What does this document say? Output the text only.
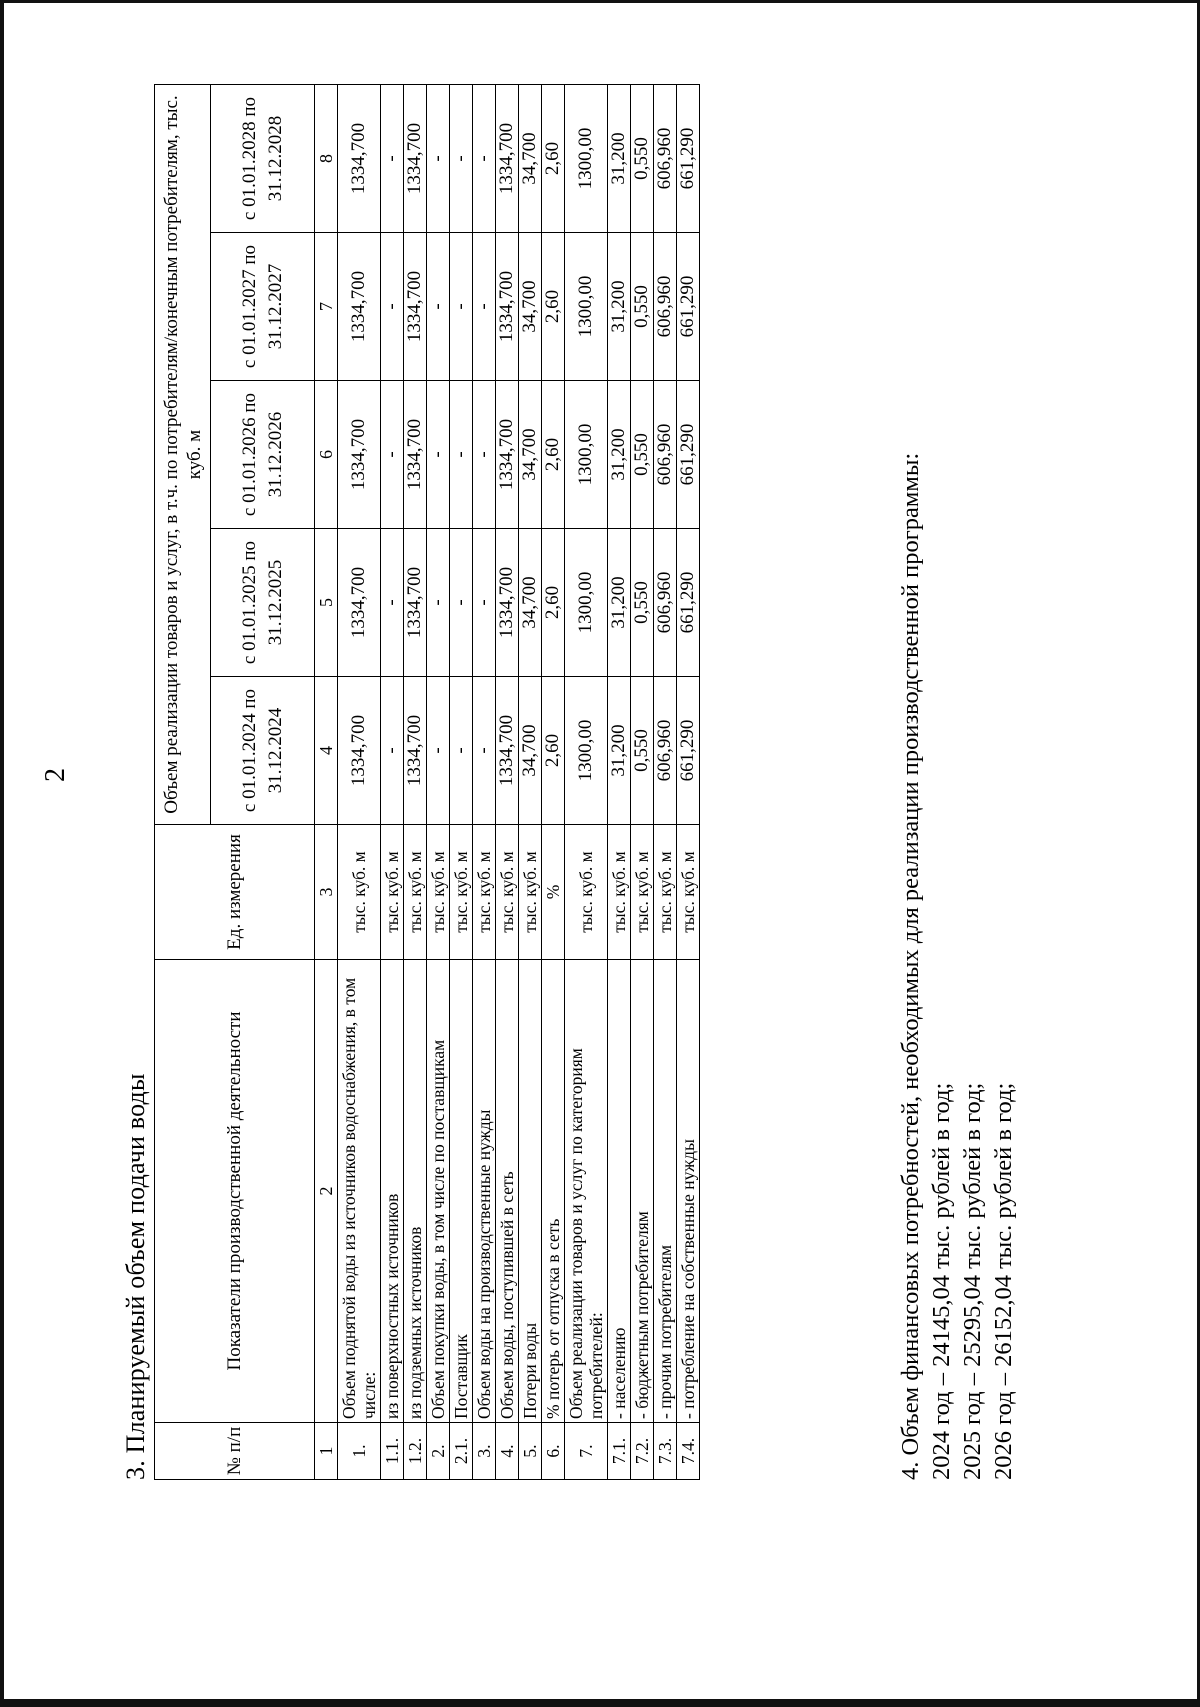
2
3. Планируемый объем подачи воды	№ п/п	Показатели производственной деятельности	Ед. измерения	Объем реализации товаров и услуг, в т.ч. по потребителям/конечным потребителям, тыс. куб. м				
			с 01.01.2024 по 31.12.2024	с 01.01.2025 по 31.12.2025	с 01.01.2026 по 31.12.2026	с 01.01.2027 по 31.12.2027	с 01.01.2028 по 31.12.2028
1	2	3	4	5	6	7	8
1.	Объем поднятой воды из источников водоснабжения, в том числе:	тыс. куб. м	1334,700	1334,700	1334,700	1334,700	1334,700
1.1.	из поверхностных источников	тыс. куб. м	-	-	-	-	-
1.2.	из подземных источников	тыс. куб. м	1334,700	1334,700	1334,700	1334,700	1334,700
2.	Объем покупки воды, в том числе по поставщикам	тыс. куб. м	-	-	-	-	-
2.1.	Поставщик	тыс. куб. м	-	-	-	-	-
3.	Объем воды на производственные нужды	тыс. куб. м	-	-	-	-	-
4.	Объем воды, поступившей в сеть	тыс. куб. м	1334,700	1334,700	1334,700	1334,700	1334,700
5.	Потери воды	тыс. куб. м	34,700	34,700	34,700	34,700	34,700
6.	% потерь от отпуска в сеть	%	2,60	2,60	2,60	2,60	2,60
7.	Объем реализации товаров и услуг по категориям потребителей:	тыс. куб. м	1300,00	1300,00	1300,00	1300,00	1300,00
7.1.	- населению	тыс. куб. м	31,200	31,200	31,200	31,200	31,200
7.2.	- бюджетным потребителям	тыс. куб. м	0,550	0,550	0,550	0,550	0,550
7.3.	- прочим потребителям	тыс. куб. м	606,960	606,960	606,960	606,960	606,960
7.4.	- потребление на собственные нужды	тыс. куб. м	661,290	661,290	661,290	661,290	661,290
4. Объем финансовых потребностей, необходимых для реализации производственной программы: 2024 год – 24145,04 тыс. рублей в год; 2025 год – 25295,04 тыс. рублей в год; 2026 год – 26152,04 тыс. рублей в год;
